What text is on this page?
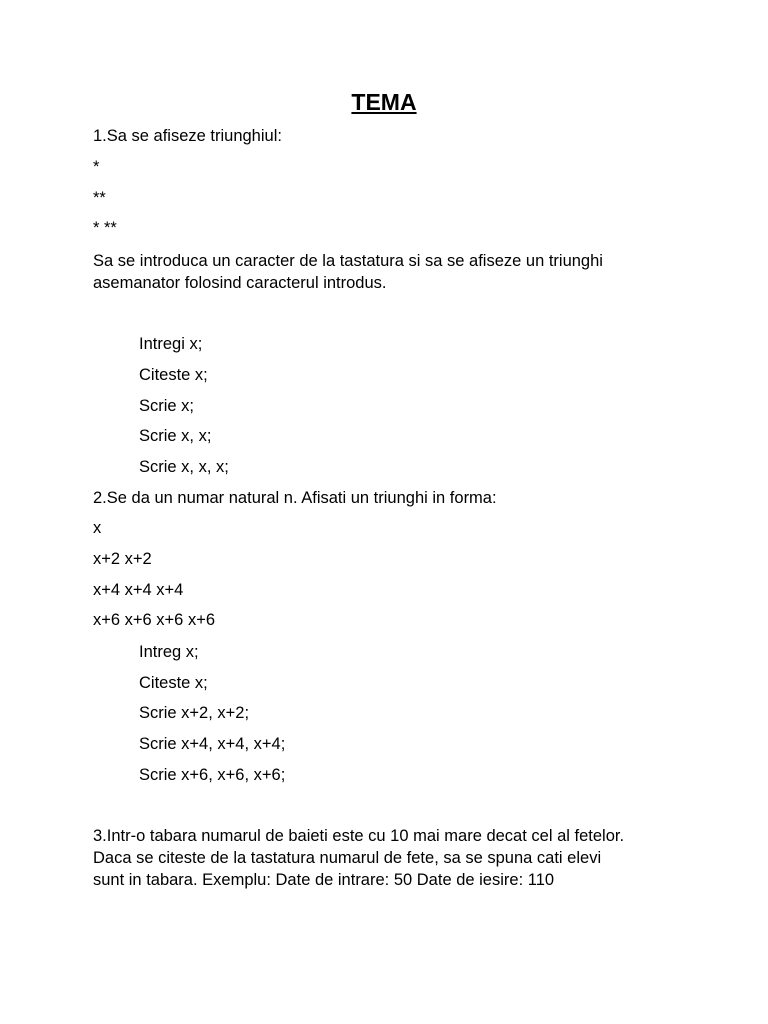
TEMA
1.Sa se afiseze triunghiul:
*
**
* **
Sa se introduca un caracter de la tastatura si sa se afiseze un triunghi
asemanator folosind caracterul introdus.
Intregi x;
Citeste x;
Scrie x;
Scrie x, x;
Scrie x, x, x;
2.Se da un numar natural n. Afisati un triunghi in forma:
x
x+2 x+2
x+4 x+4 x+4
x+6 x+6 x+6 x+6
Intreg x;
Citeste x;
Scrie x+2, x+2;
Scrie x+4, x+4, x+4;
Scrie x+6, x+6, x+6;
3.Intr-o tabara numarul de baieti este cu 10 mai mare decat cel al fetelor.
Daca se citeste de la tastatura numarul de fete, sa se spuna cati elevi
sunt in tabara. Exemplu: Date de intrare: 50 Date de iesire: 110
